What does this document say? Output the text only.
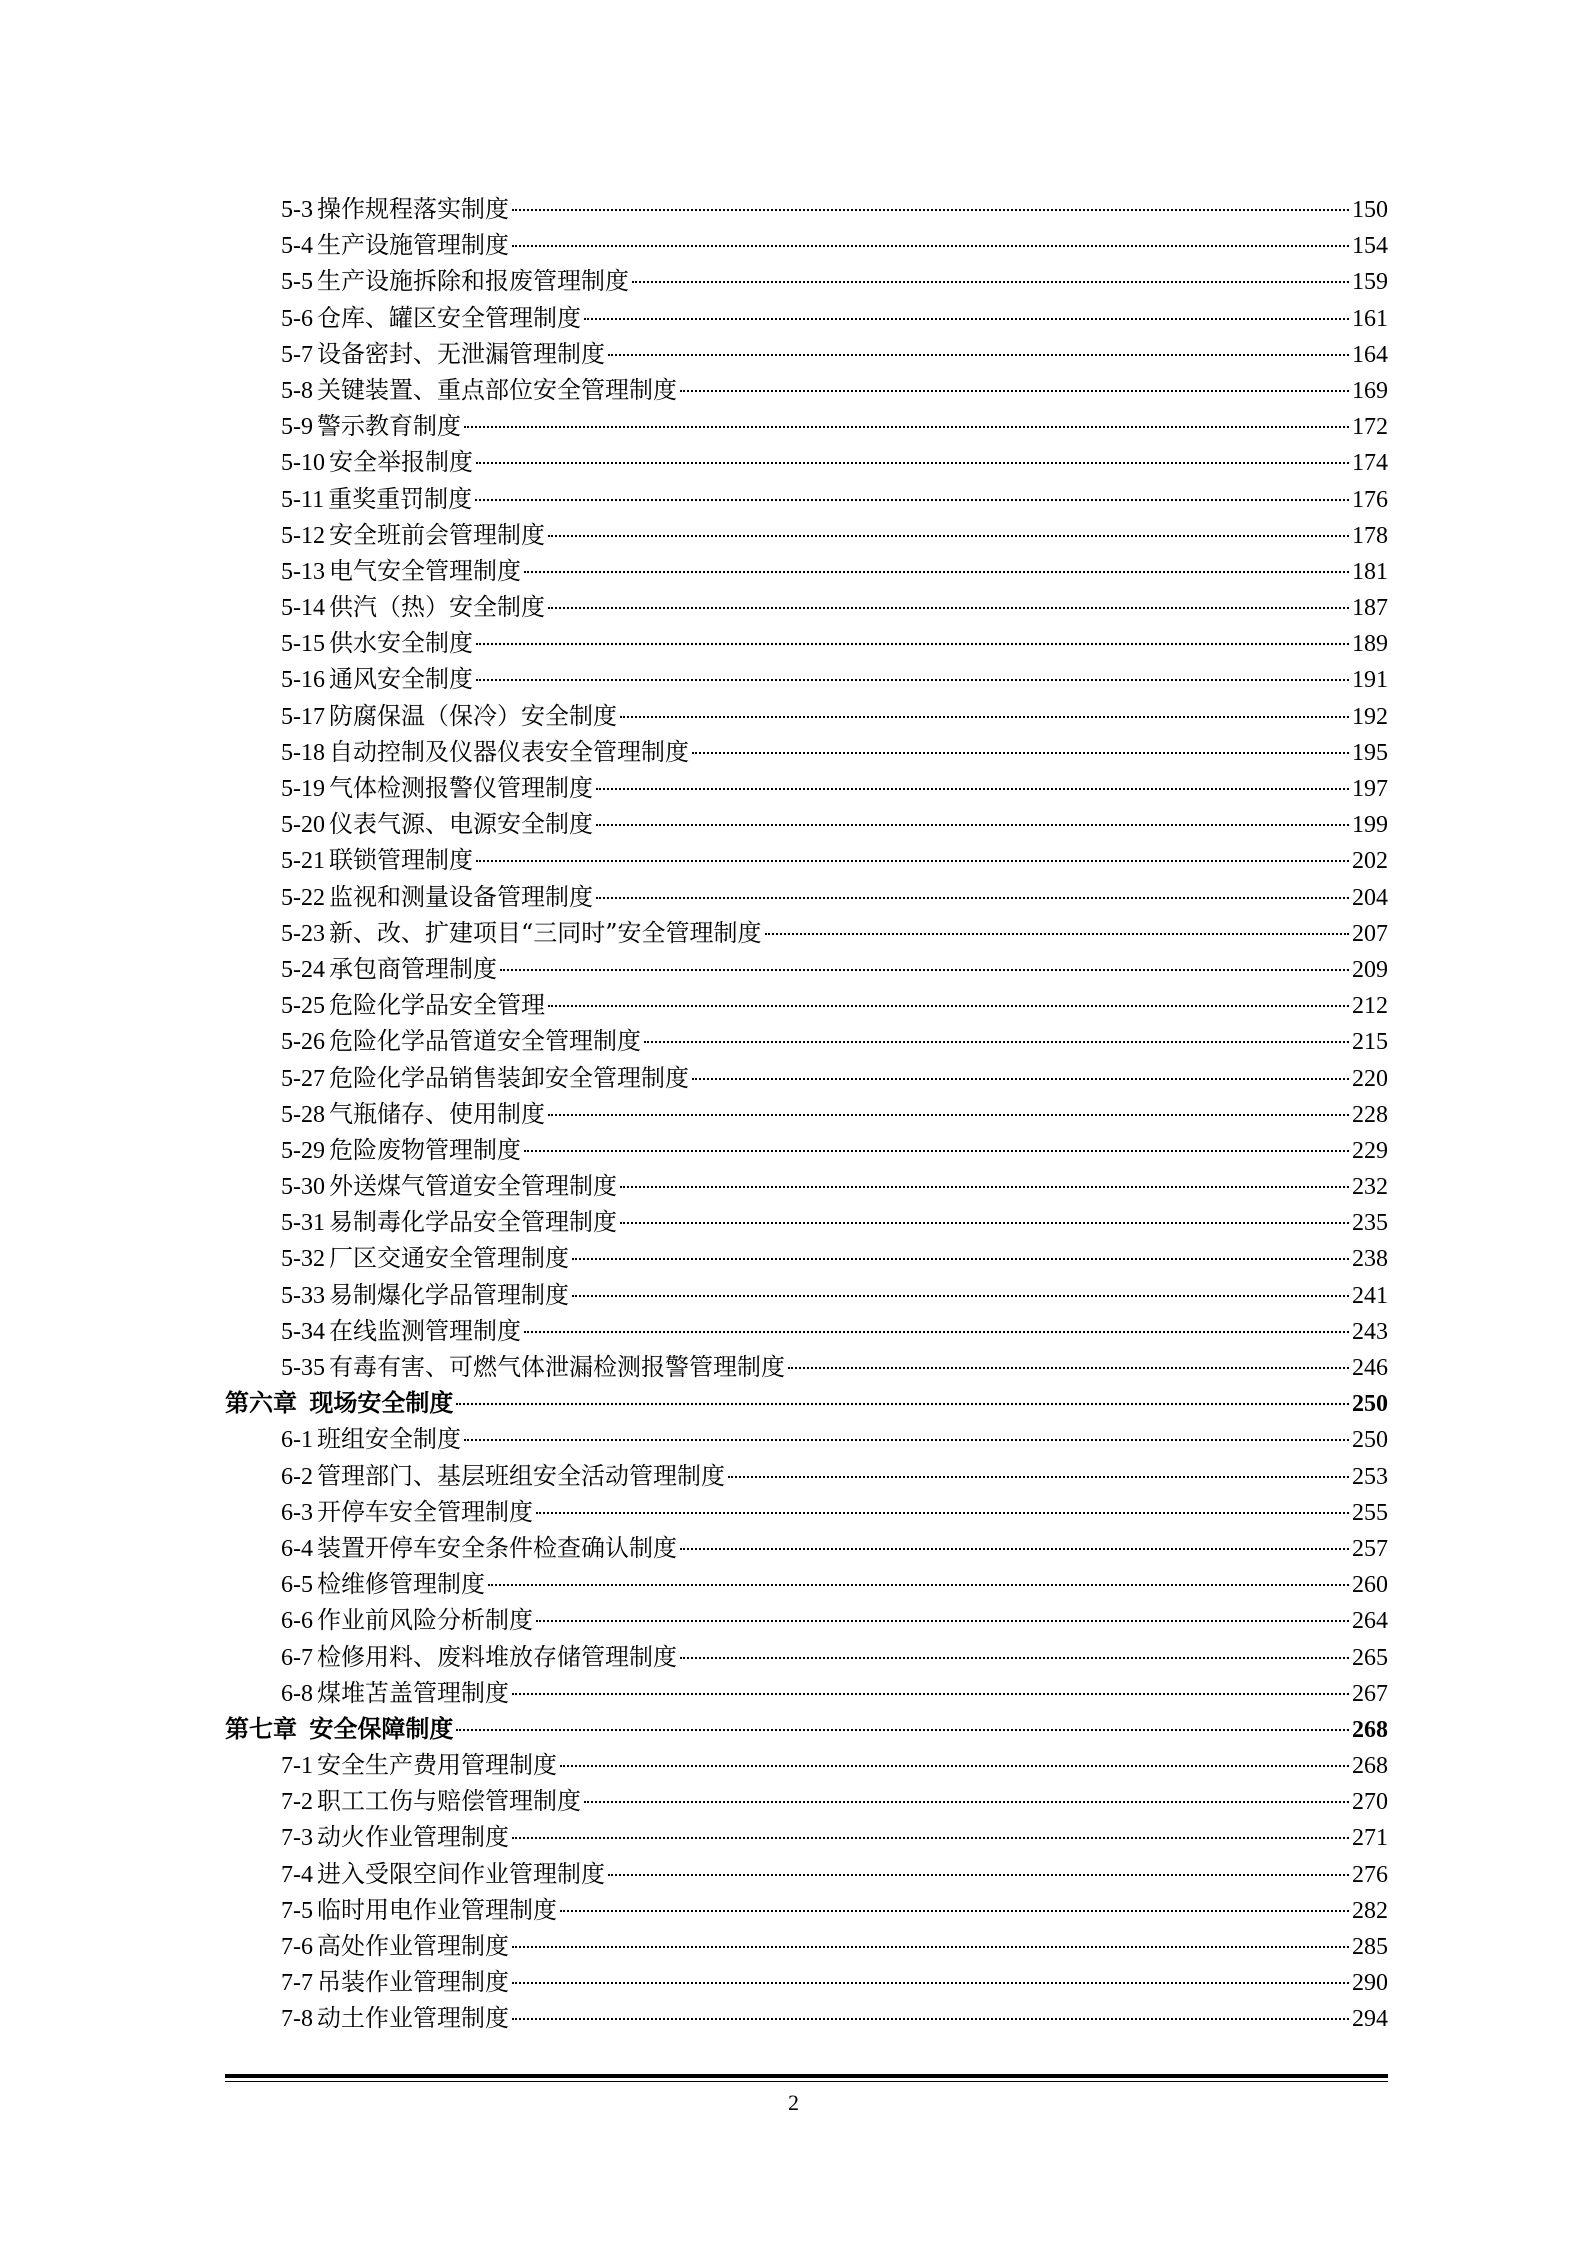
5-3 操作规程落实制度	150
5-4 生产设施管理制度	154
5-5 生产设施拆除和报废管理制度	159
5-6 仓库、罐区安全管理制度	161
5-7 设备密封、无泄漏管理制度	164
5-8 关键装置、重点部位安全管理制度	169
5-9 警示教育制度	172
5-10 安全举报制度	174
5-11 重奖重罚制度	176
5-12 安全班前会管理制度	178
5-13 电气安全管理制度	181
5-14 供汽（热）安全制度	187
5-15 供水安全制度	189
5-16 通风安全制度	191
5-17 防腐保温（保冷）安全制度	192
5-18 自动控制及仪器仪表安全管理制度	195
5-19 气体检测报警仪管理制度	197
5-20 仪表气源、电源安全制度	199
5-21 联锁管理制度	202
5-22 监视和测量设备管理制度	204
5-23 新、改、扩建项目“三同时”安全管理制度	207
5-24 承包商管理制度	209
5-25 危险化学品安全管理	212
5-26 危险化学品管道安全管理制度	215
5-27 危险化学品销售装卸安全管理制度	220
5-28 气瓶储存、使用制度	228
5-29 危险废物管理制度	229
5-30 外送煤气管道安全管理制度	232
5-31 易制毒化学品安全管理制度	235
5-32 厂区交通安全管理制度	238
5-33 易制爆化学品管理制度	241
5-34 在线监测管理制度	243
5-35 有毒有害、可燃气体泄漏检测报警管理制度	246
第六章 现场安全制度	250
6-1 班组安全制度	250
6-2 管理部门、基层班组安全活动管理制度	253
6-3 开停车安全管理制度	255
6-4 装置开停车安全条件检查确认制度	257
6-5 检维修管理制度	260
6-6 作业前风险分析制度	264
6-7 检修用料、废料堆放存储管理制度	265
6-8 煤堆苫盖管理制度	267
第七章 安全保障制度	268
7-1 安全生产费用管理制度	268
7-2 职工工伤与赔偿管理制度	270
7-3 动火作业管理制度	271
7-4 进入受限空间作业管理制度	276
7-5 临时用电作业管理制度	282
7-6 高处作业管理制度	285
7-7 吊装作业管理制度	290
7-8 动土作业管理制度	294
2
